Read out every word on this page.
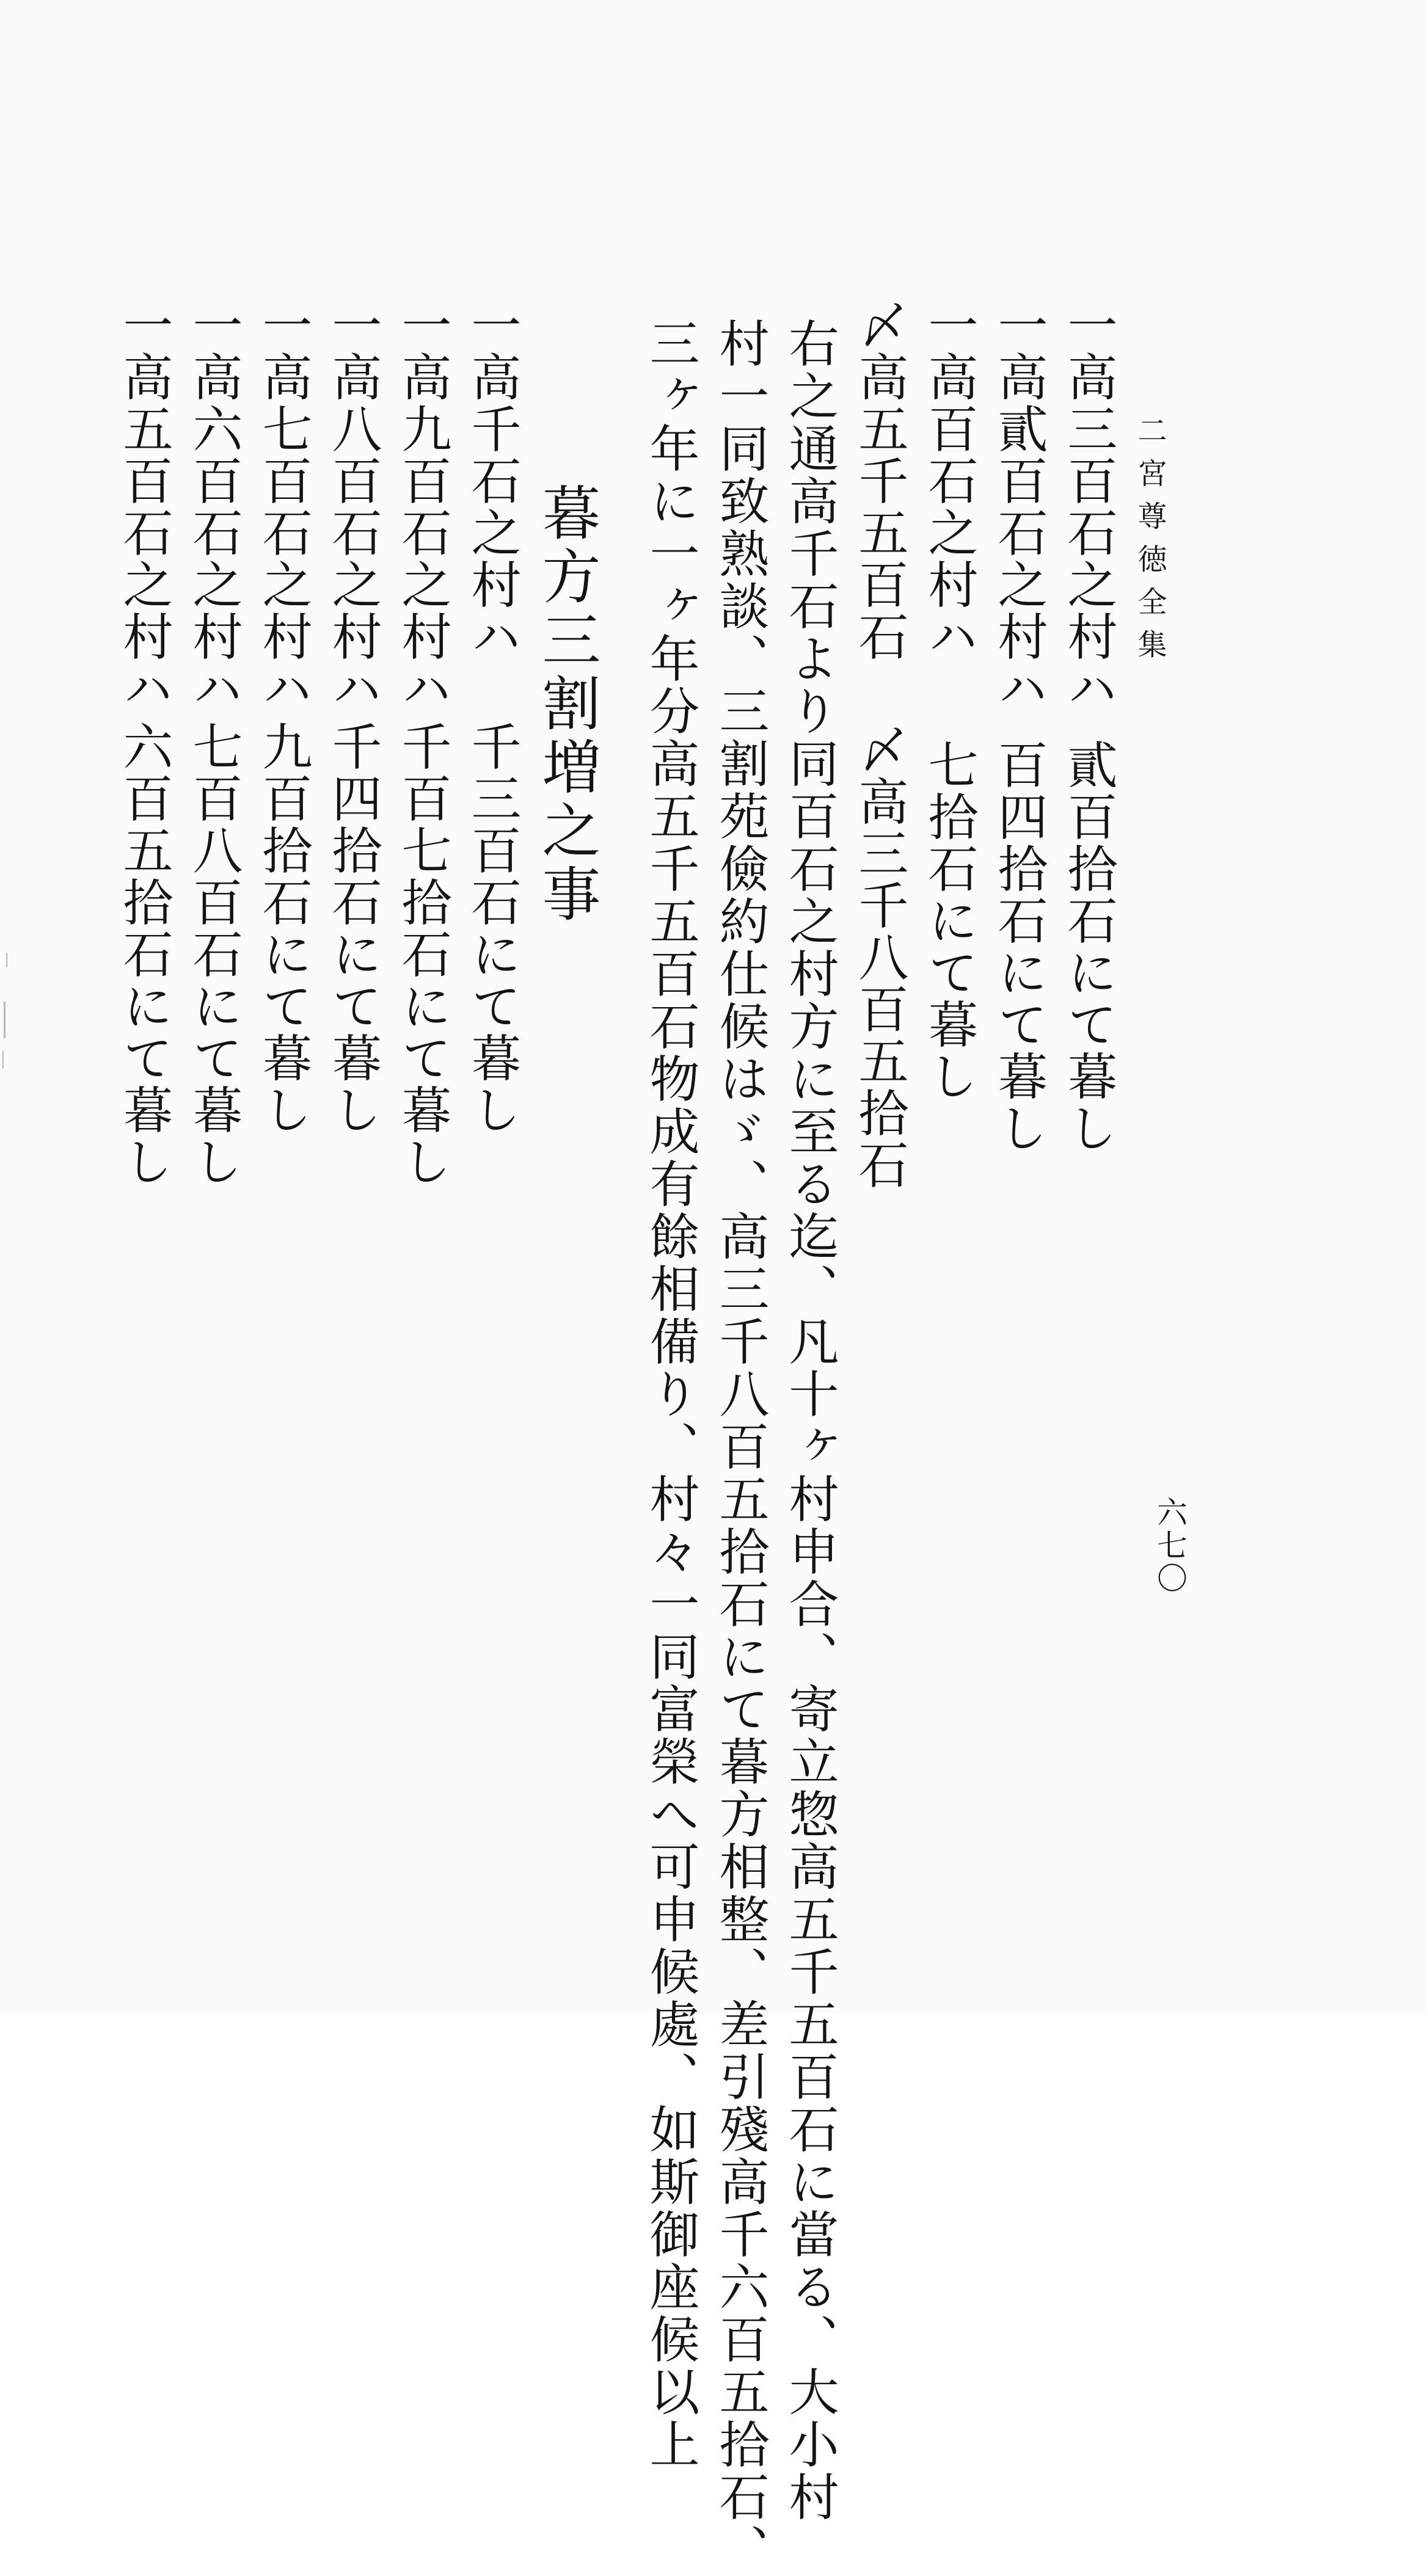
二宮尊徳全集
六七〇
一高三百石之村ハ
貳百拾石にて暮し
一高貳百石之村ハ
百四拾石にて暮し
一高百石之村ハ
七拾石にて暮し
〆高五千五百石
〆高三千八百五拾石
右之通高千石より同百石之村方に至る迄、凡十ヶ村申合、寄立惣高五千五百石に當る、大小村
村一同致熟談、三割苑儉約仕候はゞ、高三千八百五拾石にて暮方相整、差引殘高千六百五拾石、
三ヶ年に一ヶ年分高五千五百石物成有餘相備り、村々一同富榮へ可申候處、如斯御座候以上
暮方三割増之事
一高千石之村ハ
千三百石にて暮し
一高九百石之村ハ
千百七拾石にて暮し
一高八百石之村ハ
千四拾石にて暮し
一高七百石之村ハ
九百拾石にて暮し
一高六百石之村ハ
七百八百石にて暮し
一高五百石之村ハ
六百五拾石にて暮し
